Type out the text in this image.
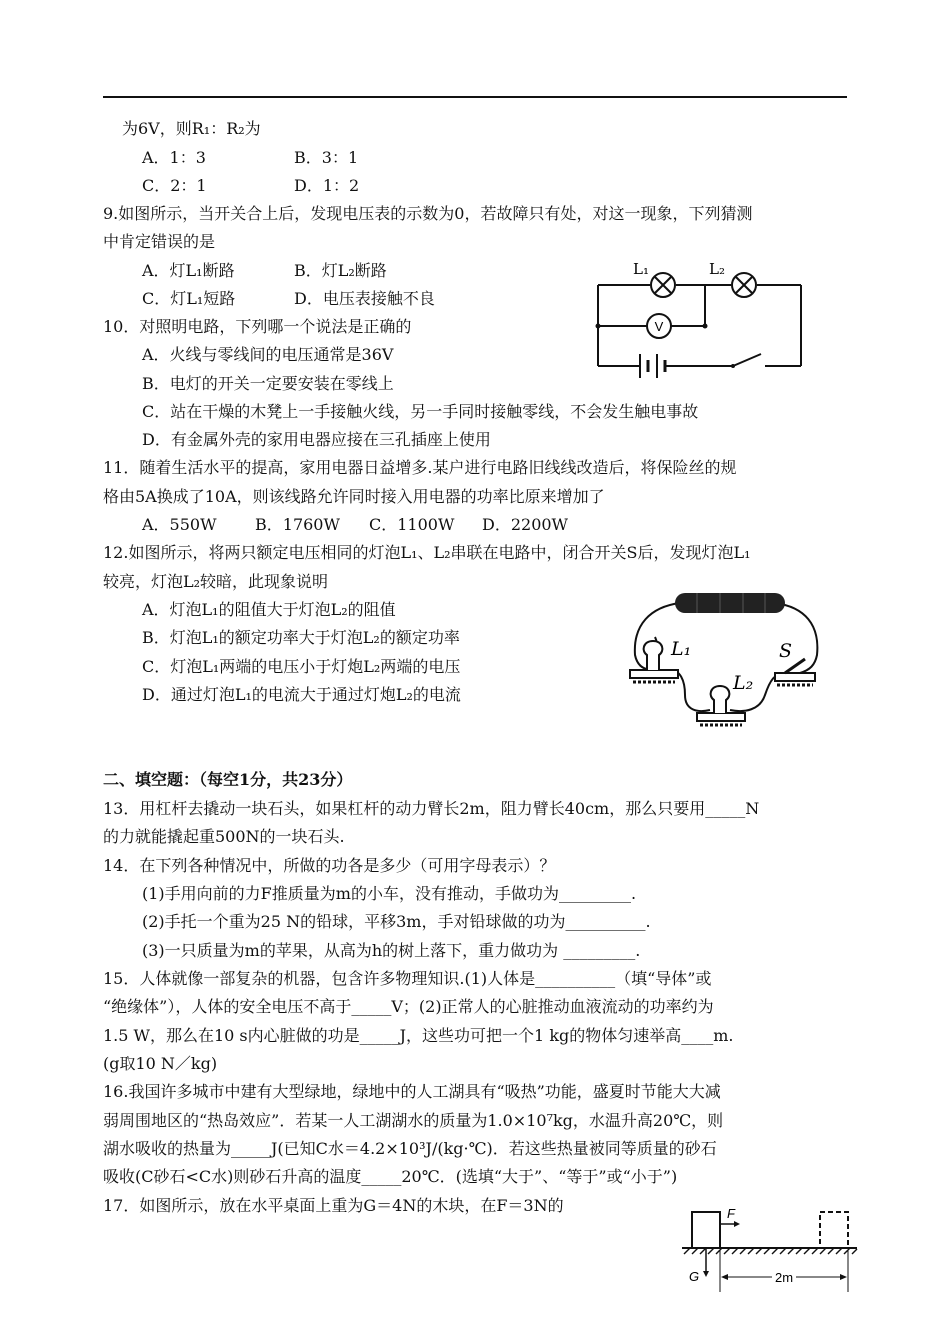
为6V，则R₁：R₂为
A．1：3	B．3：1
C．2：1	D．1：2
9.如图所示，当开关合上后，发现电压表的示数为0，若故障只有处，对这一现象，下列猜测
中肯定错误的是
A．灯L₁断路	B．灯L₂断路
C．灯L₁短路	D．电压表接触不良
10．对照明电路，下列哪一个说法是正确的
A．火线与零线间的电压通常是36V
B．电灯的开关一定要安装在零线上
C．站在干燥的木凳上一手接触火线，另一手同时接触零线，不会发生触电事故
D．有金属外壳的家用电器应接在三孔插座上使用
11．随着生活水平的提高，家用电器日益增多.某户进行电路旧线线改造后，将保险丝的规
格由5A换成了10A，则该线路允许同时接入用电器的功率比原来增加了
A．550W B．1760W C．1100W D．2200W
12.如图所示，将两只额定电压相同的灯泡L₁、L₂串联在电路中，闭合开关S后，发现灯泡L₁
较亮，灯泡L₂较暗，此现象说明
A．灯泡L₁的阻值大于灯泡L₂的阻值
B．灯泡L₁的额定功率大于灯泡L₂的额定功率
C．灯泡L₁两端的电压小于灯炮L₂两端的电压
D．通过灯泡L₁的电流大于通过灯炮L₂的电流
二、填空题：（每空1分，共23分）
13．用杠杆去撬动一块石头，如果杠杆的动力臂长2m，阻力臂长40cm，那么只要用_____N
的力就能撬起重500N的一块石头.
14．在下列各种情况中，所做的功各是多少（可用字母表示）？
(1)手用向前的力F推质量为m的小车，没有推动，手做功为_________.
(2)手托一个重为25 N的铅球，平移3m，手对铅球做的功为__________.
(3)一只质量为m的苹果，从高为h的树上落下，重力做功为 _________.
15．人体就像一部复杂的机器，包含许多物理知识.(1)人体是__________（填“导体”或
“绝缘体”），人体的安全电压不高于_____V；(2)正常人的心脏推动血液流动的功率约为
1.5 W，那么在10 s内心脏做的功是_____J，这些功可把一个1 kg的物体匀速举高____m.
(g取10 N／kg)
16.我国许多城市中建有大型绿地，绿地中的人工湖具有“吸热”功能，盛夏时节能大大减
弱周围地区的“热岛效应”．若某一人工湖湖水的质量为1.0×10⁷kg，水温升高20℃，则
湖水吸收的热量为_____J(已知C水＝4.2×10³J/(kg·℃)．若这些热量被同等质量的砂石
吸收(C砂石<C水)则砂石升高的温度_____20℃．(选填“大于”、“等于”或“小于”)
17．如图所示，放在水平桌面上重为G＝4N的木块，在F＝3N的
V
L₁	L₂
L₁
L₂
S
F
G	2m
